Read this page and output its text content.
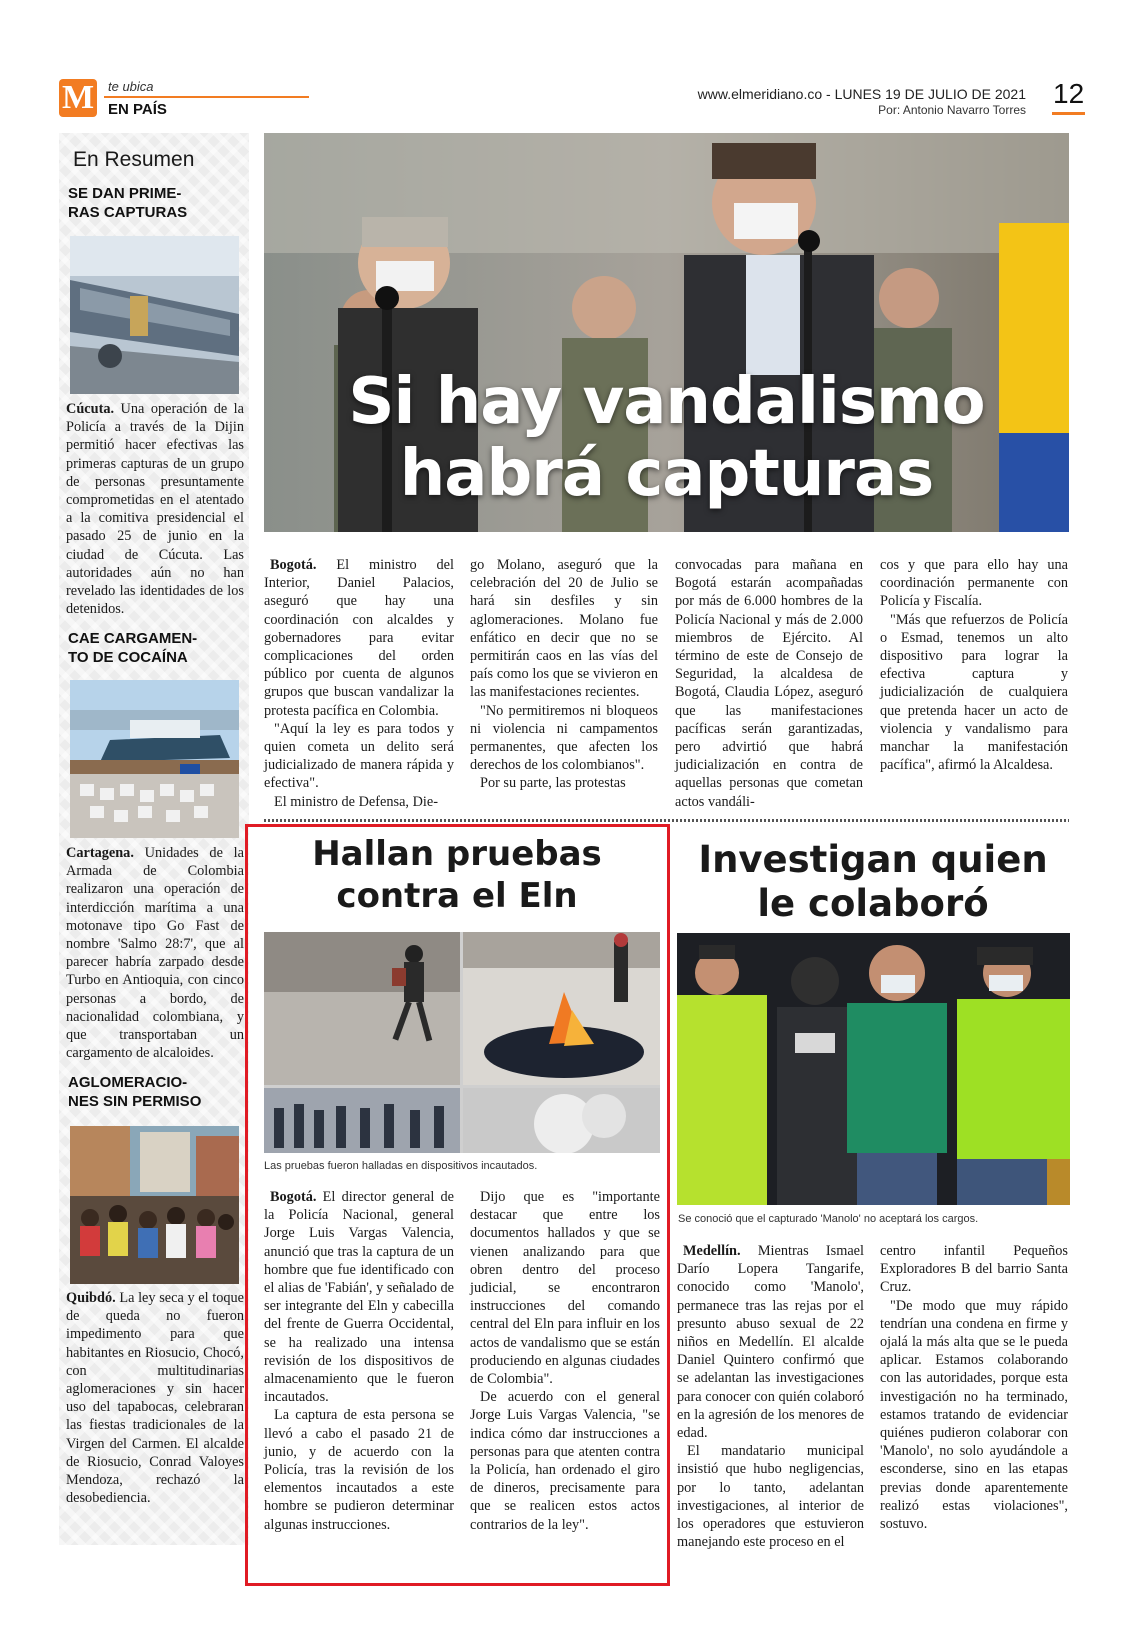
M te ubica
EN PAÍS
www.elmeridiano.co - LUNES 19 DE JULIO DE 2021
Por: Antonio Navarro Torres
12
En Resumen
SE DAN PRIME-
RAS CAPTURAS
Cúcuta. Una operación de la Policía a través de la Dijin permitió hacer efectivas las primeras capturas de un grupo de personas presuntamente comprometidas en el atentado a la comitiva presidencial el pasado 25 de junio en la ciudad de Cúcuta. Las autoridades aún no han revelado las identidades de los detenidos.
CAE CARGAMEN-
TO DE COCAÍNA
Cartagena. Unidades de la Armada de Colombia realizaron una operación de interdicción marítima a una motonave tipo Go Fast de nombre 'Salmo 28:7', que al parecer habría zarpado desde Turbo en Antioquia, con cinco personas a bordo, de nacionalidad colombiana, y que transportaban un cargamento de alcaloides.
AGLOMERACIO-
NES SIN PERMISO
Quibdó. La ley seca y el toque de queda no fueron impedimento para que habitantes en Riosucio, Chocó, con multitudinarias aglomeraciones y sin hacer uso del tapabocas, celebraran las fiestas tradicionales de la Virgen del Carmen. El alcalde de Riosucio, Conrad Valoyes Mendoza, rechazó la desobediencia.
Si hay vandalismo
habrá capturas

Bogotá. El ministro del Interior, Daniel Palacios, aseguró que hay una coordinación con alcaldes y gobernadores para evitar complicaciones del orden público por cuenta de algunos grupos que buscan vandalizar la protesta pacífica en Colombia.

"Aquí la ley es para todos y quien cometa un delito será judicializado de manera rápida y efectiva".

El ministro de Defensa, Die-

go Molano, aseguró que la celebración del 20 de Julio se hará sin desfiles y sin aglomeraciones. Molano fue enfático en decir que no se permitirán caos en las vías del país como los que se vivieron en las manifestaciones recientes.

"No permitiremos ni bloqueos ni violencia ni campamentos permanentes, que afecten los derechos de los colombianos".

Por su parte, las protestas

convocadas para mañana en Bogotá estarán acompañadas por más de 6.000 hombres de la Policía Nacional y más de 2.000 miembros de Ejército. Al término de este de Consejo de Seguridad, la alcaldesa de Bogotá, Claudia López, aseguró que las manifestaciones pacíficas serán garantizadas, pero advirtió que habrá judicialización en contra de aquellas personas que cometan actos vandáli-

cos y que para ello hay una coordinación permanente con Policía y Fiscalía.

"Más que refuerzos de Policía o Esmad, tenemos un alto dispositivo para lograr la efectiva captura y judicialización de cualquiera que pretenda hacer un acto de violencia y vandalismo para manchar la manifestación pacífica", afirmó la Alcaldesa.

Hallan pruebas
contra el Eln
Las pruebas fueron halladas en dispositivos incautados.

Bogotá. El director general de la Policía Nacional, general Jorge Luis Vargas Valencia, anunció que tras la captura de un hombre que fue identificado con el alias de 'Fabián', y señalado de ser integrante del Eln y cabecilla del frente de Guerra Occidental, se ha realizado una intensa revisión de los dispositivos de almacenamiento que le fueron incautados.

La captura de esta persona se llevó a cabo el pasado 21 de junio, y de acuerdo con la Policía, tras la revisión de los elementos incautados a este hombre se pudieron determinar algunas instrucciones.

Dijo que es "importante destacar que entre los documentos hallados y que se vienen analizando para que obren dentro del proceso judicial, se encontraron instrucciones del comando central del Eln para influir en los actos de vandalismo que se están produciendo en algunas ciudades de Colombia".

De acuerdo con el general Jorge Luis Vargas Valencia, "se indica cómo dar instrucciones a personas para que atenten contra la Policía, han ordenado el giro de dineros, precisamente para que se realicen estos actos contrarios de la ley".

Investigan quien
le colaboró
Se conoció que el capturado 'Manolo' no aceptará los cargos.

Medellín. Mientras Ismael Darío Lopera Tangarife, conocido como 'Manolo', permanece tras las rejas por el presunto abuso sexual de 22 niños en Medellín. El alcalde Daniel Quintero confirmó que se adelantan las investigaciones para conocer con quién colaboró en la agresión de los menores de edad.

El mandatario municipal insistió que hubo negligencias, por lo tanto, adelantan investigaciones, al interior de los operadores que estuvieron manejando este proceso en el

centro infantil Pequeños Exploradores B del barrio Santa Cruz.

"De modo que muy rápido tendrían una condena en firme y ojalá la más alta que se le pueda aplicar. Estamos colaborando con las autoridades, porque esta investigación no ha terminado, estamos tratando de evidenciar quiénes pudieron colaborar con 'Manolo', no solo ayudándole a esconderse, sino en las etapas previas donde aparentemente realizó estas violaciones", sostuvo.
